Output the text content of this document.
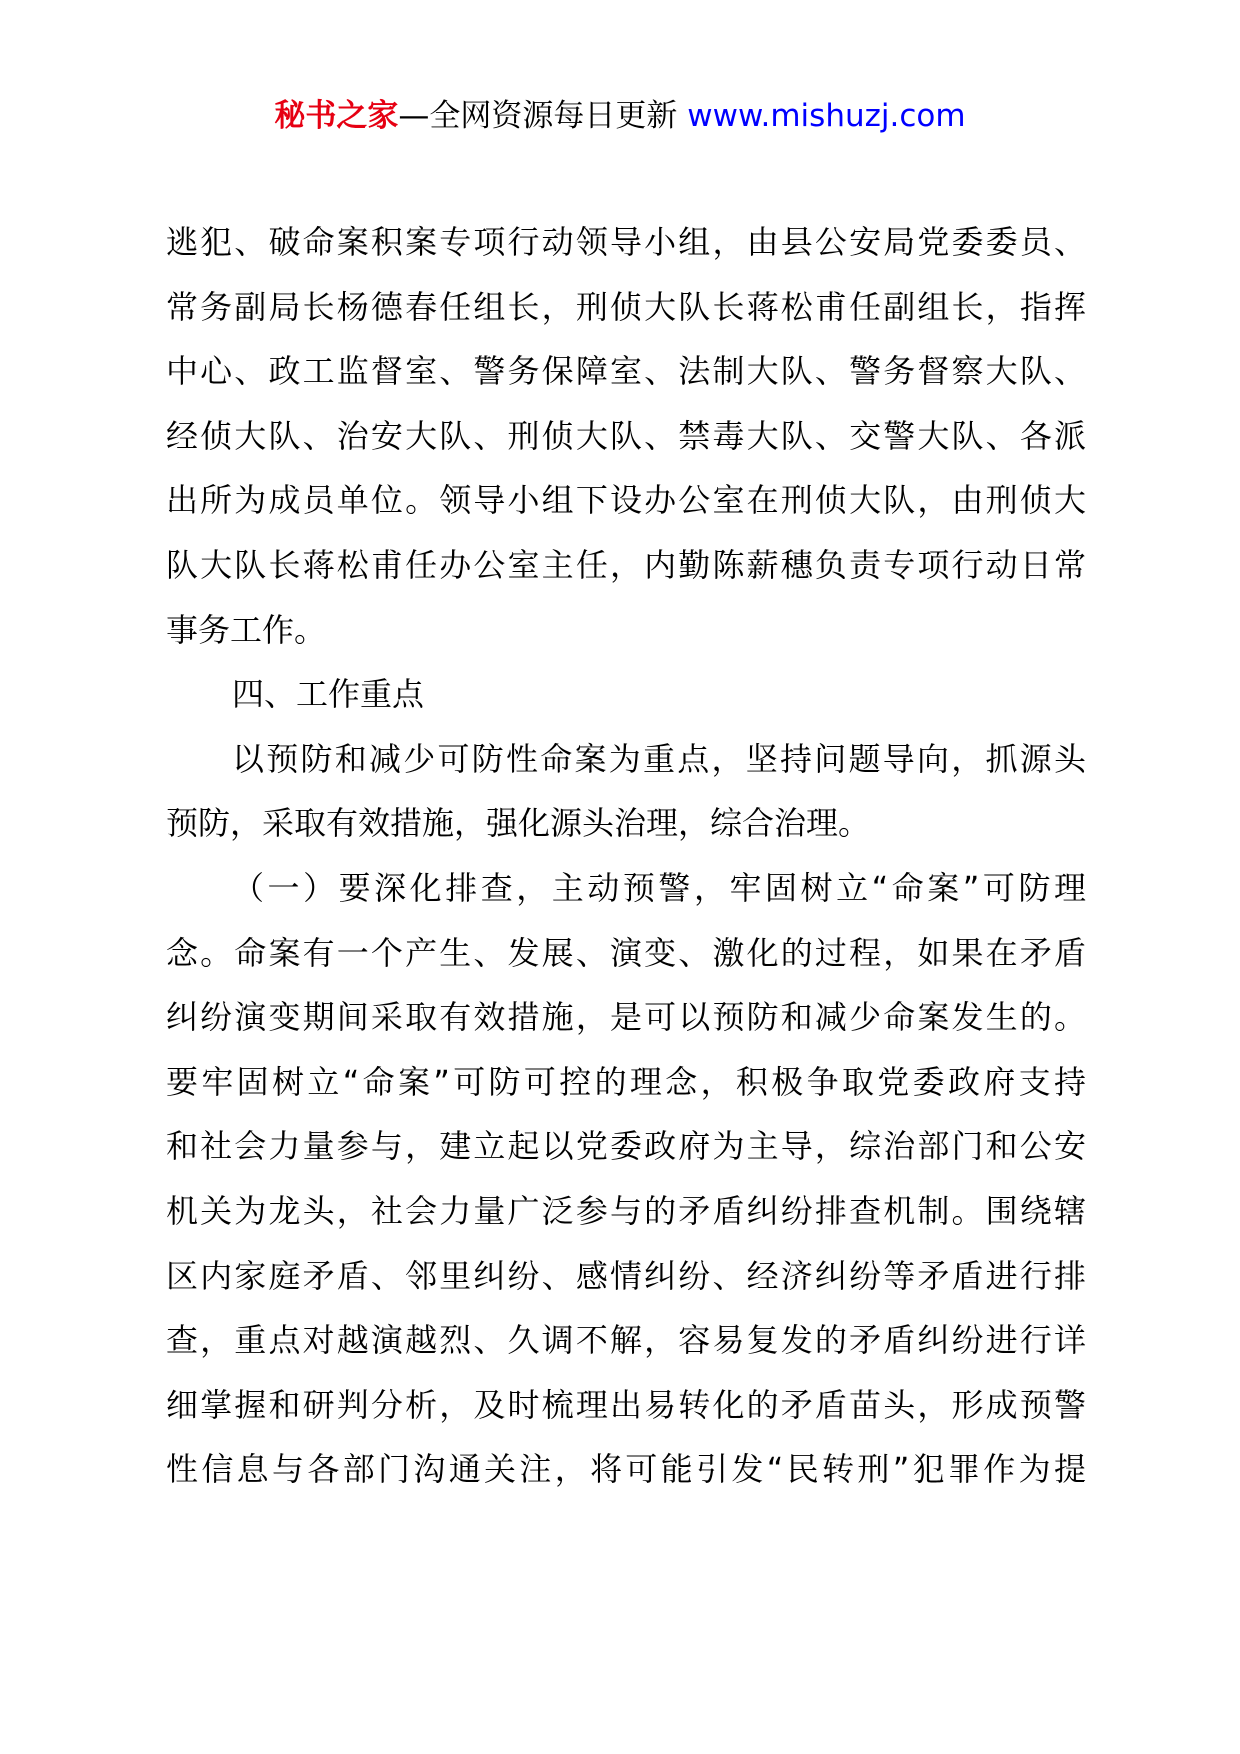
秘书之家—全网资源每日更新 www.mishuzj.com
逃犯、破命案积案专项行动领导小组，由县公安局党委委员、
常务副局长杨德春任组长，刑侦大队长蒋松甫任副组长，指挥
中心、政工监督室、警务保障室、法制大队、警务督察大队、
经侦大队、治安大队、刑侦大队、禁毒大队、交警大队、各派
出所为成员单位。领导小组下设办公室在刑侦大队，由刑侦大
队大队长蒋松甫任办公室主任，内勤陈薪穗负责专项行动日常
事务工作。
四、工作重点
以预防和减少可防性命案为重点，坚持问题导向，抓源头
预防，采取有效措施，强化源头治理，综合治理。
（一）要深化排查，主动预警，牢固树立“命案”可防理
念。命案有一个产生、发展、演变、激化的过程，如果在矛盾
纠纷演变期间采取有效措施，是可以预防和减少命案发生的。
要牢固树立“命案”可防可控的理念，积极争取党委政府支持
和社会力量参与，建立起以党委政府为主导，综治部门和公安
机关为龙头，社会力量广泛参与的矛盾纠纷排查机制。围绕辖
区内家庭矛盾、邻里纠纷、感情纠纷、经济纠纷等矛盾进行排
查，重点对越演越烈、久调不解，容易复发的矛盾纠纷进行详
细掌握和研判分析，及时梳理出易转化的矛盾苗头，形成预警
性信息与各部门沟通关注，将可能引发“民转刑”犯罪作为提
